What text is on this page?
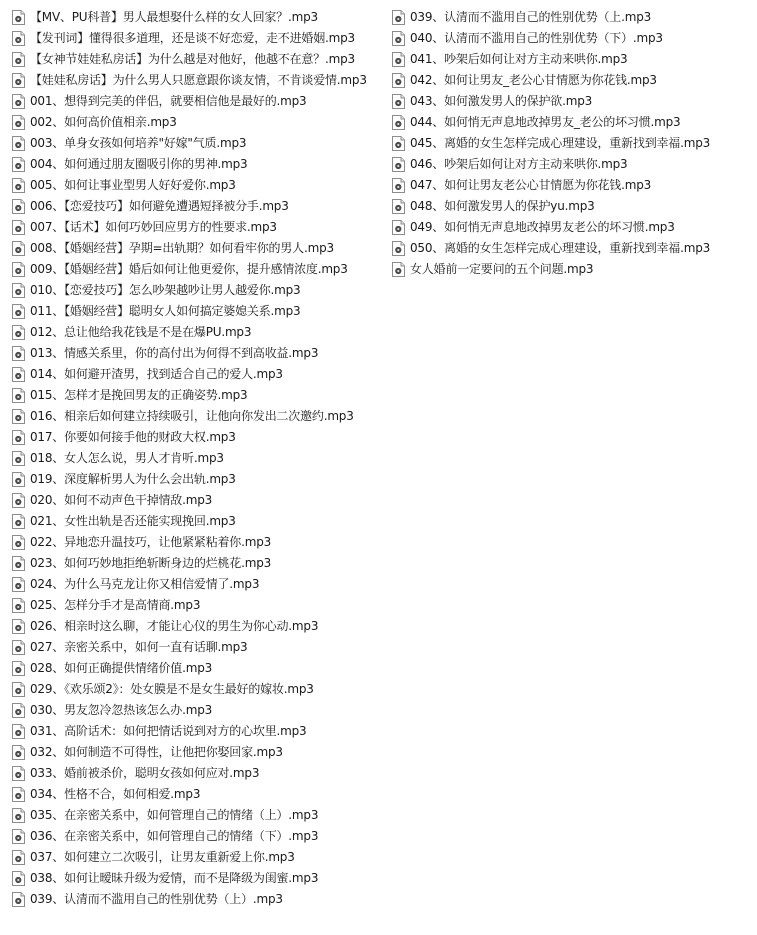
【MV、PU科普】男人最想娶什么样的女人回家？.mp3
【发刊词】懂得很多道理，还是谈不好恋爱，走不进婚姻.mp3
【女神节娃娃私房话】为什么越是对他好，他越不在意？.mp3
【娃娃私房话】为什么男人只愿意跟你谈友情，不肯谈爱情.mp3
001、想得到完美的伴侣，就要相信他是最好的.mp3
002、如何高价值相亲.mp3
003、单身女孩如何培养"好嫁"气质.mp3
004、如何通过朋友圈吸引你的男神.mp3
005、如何让事业型男人好好爱你.mp3
006、【恋爱技巧】如何避免遭遇短择被分手.mp3
007、【话术】如何巧妙回应男方的性要求.mp3
008、【婚姻经营】孕期=出轨期？如何看牢你的男人.mp3
009、【婚姻经营】婚后如何让他更爱你，提升感情浓度.mp3
010、【恋爱技巧】怎么吵架越吵让男人越爱你.mp3
011、【婚姻经营】聪明女人如何搞定婆媳关系.mp3
012、总让他给我花钱是不是在爆PU.mp3
013、情感关系里，你的高付出为何得不到高收益.mp3
014、如何避开渣男，找到适合自己的爱人.mp3
015、怎样才是挽回男友的正确姿势.mp3
016、相亲后如何建立持续吸引，让他向你发出二次邀约.mp3
017、你要如何接手他的财政大权.mp3
018、女人怎么说，男人才肯听.mp3
019、深度解析男人为什么会出轨.mp3
020、如何不动声色干掉情敌.mp3
021、女性出轨是否还能实现挽回.mp3
022、异地恋升温技巧，让他紧紧粘着你.mp3
023、如何巧妙地拒绝斩断身边的烂桃花.mp3
024、为什么马克龙让你又相信爱情了.mp3
025、怎样分手才是高情商.mp3
026、相亲时这么聊，才能让心仪的男生为你心动.mp3
027、亲密关系中，如何一直有话聊.mp3
028、如何正确提供情绪价值.mp3
029、《欢乐颂2》：处女膜是不是女生最好的嫁妆.mp3
030、男友忽冷忽热该怎么办.mp3
031、高阶话术：如何把情话说到对方的心坎里.mp3
032、如何制造不可得性，让他把你娶回家.mp3
033、婚前被杀价，聪明女孩如何应对.mp3
034、性格不合，如何相爱.mp3
035、在亲密关系中，如何管理自己的情绪（上）.mp3
036、在亲密关系中，如何管理自己的情绪（下）.mp3
037、如何建立二次吸引，让男友重新爱上你.mp3
038、如何让暧昧升级为爱情，而不是降级为闺蜜.mp3
039、认清而不滥用自己的性别优势（上）.mp3
039、认清而不滥用自己的性别优势（上.mp3
040、认清而不滥用自己的性别优势（下）.mp3
041、吵架后如何让对方主动来哄你.mp3
042、如何让男友_老公心甘情愿为你花钱.mp3
043、如何激发男人的保护欲.mp3
044、如何悄无声息地改掉男友_老公的坏习惯.mp3
045、离婚的女生怎样完成心理建设，重新找到幸福.mp3
046、吵架后如何让对方主动来哄你.mp3
047、如何让男友老公心甘情愿为你花钱.mp3
048、如何激发男人的保护yu.mp3
049、如何悄无声息地改掉男友老公的坏习惯.mp3
050、离婚的女生怎样完成心理建设，重新找到幸福.mp3
女人婚前一定要问的五个问题.mp3
